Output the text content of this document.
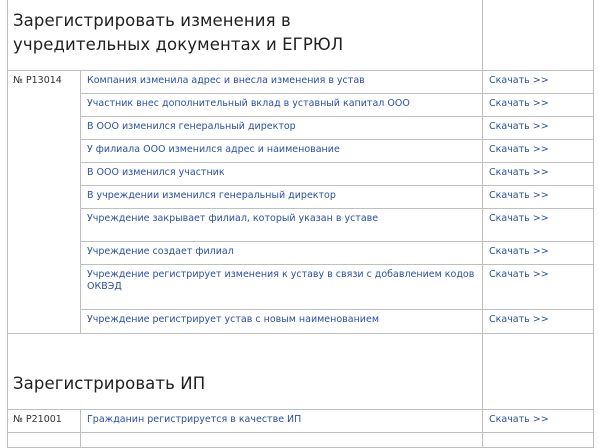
Зарегистрировать изменения в учредительных документах и ЕГРЮЛ		

№ Р13014	Компания изменила адрес и внесла изменения в устав	Скачать >>

	Участник внес дополнительный вклад в уставный капитал ООО	Скачать >>

	В ООО изменился генеральный директор	Скачать >>

	У филиала ООО изменился адрес и наименование	Скачать >>

	В ООО изменился участник	Скачать >>

	В учреждении изменился генеральный директор	Скачать >>

	Учреждение закрывает филиал, который указан в уставе	Скачать >>

	Учреждение создает филиал	Скачать >>

	Учреждение регистрирует изменения к уставу в связи с добавлением кодов ОКВЭД	Скачать >>

	Учреждение регистрирует устав с новым наименованием	Скачать >>

Зарегистрировать ИП		

№ Р21001	Гражданин регистрируется в качестве ИП	Скачать >>
